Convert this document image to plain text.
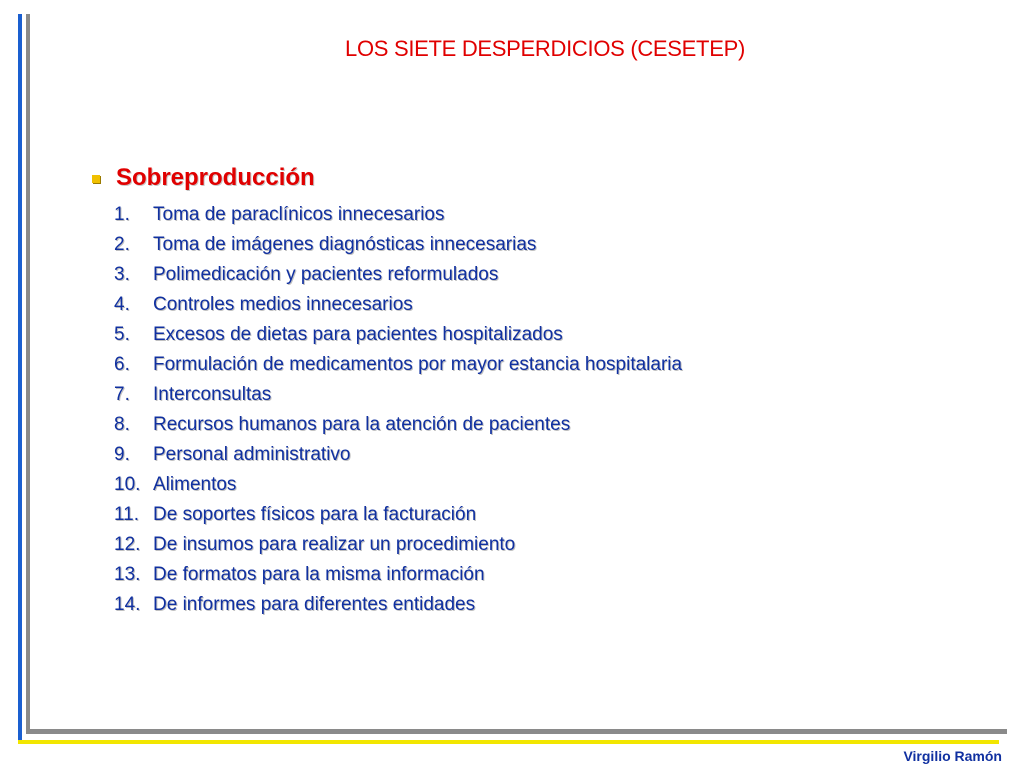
LOS SIETE DESPERDICIOS (CESETEP)
Sobreproducción
1.	Toma de paraclínicos innecesarios
2.	Toma de imágenes diagnósticas innecesarias
3.	Polimedicación y pacientes reformulados
4.	Controles medios innecesarios
5.	Excesos de dietas para pacientes hospitalizados
6.	Formulación de medicamentos por mayor estancia hospitalaria
7.	Interconsultas
8.	Recursos humanos para la atención de pacientes
9.	Personal administrativo
10. Alimentos
11. De soportes físicos para la facturación
12. De insumos para realizar un procedimiento
13. De formatos para la misma información
14. De informes para diferentes entidades
Virgilio Ramón
